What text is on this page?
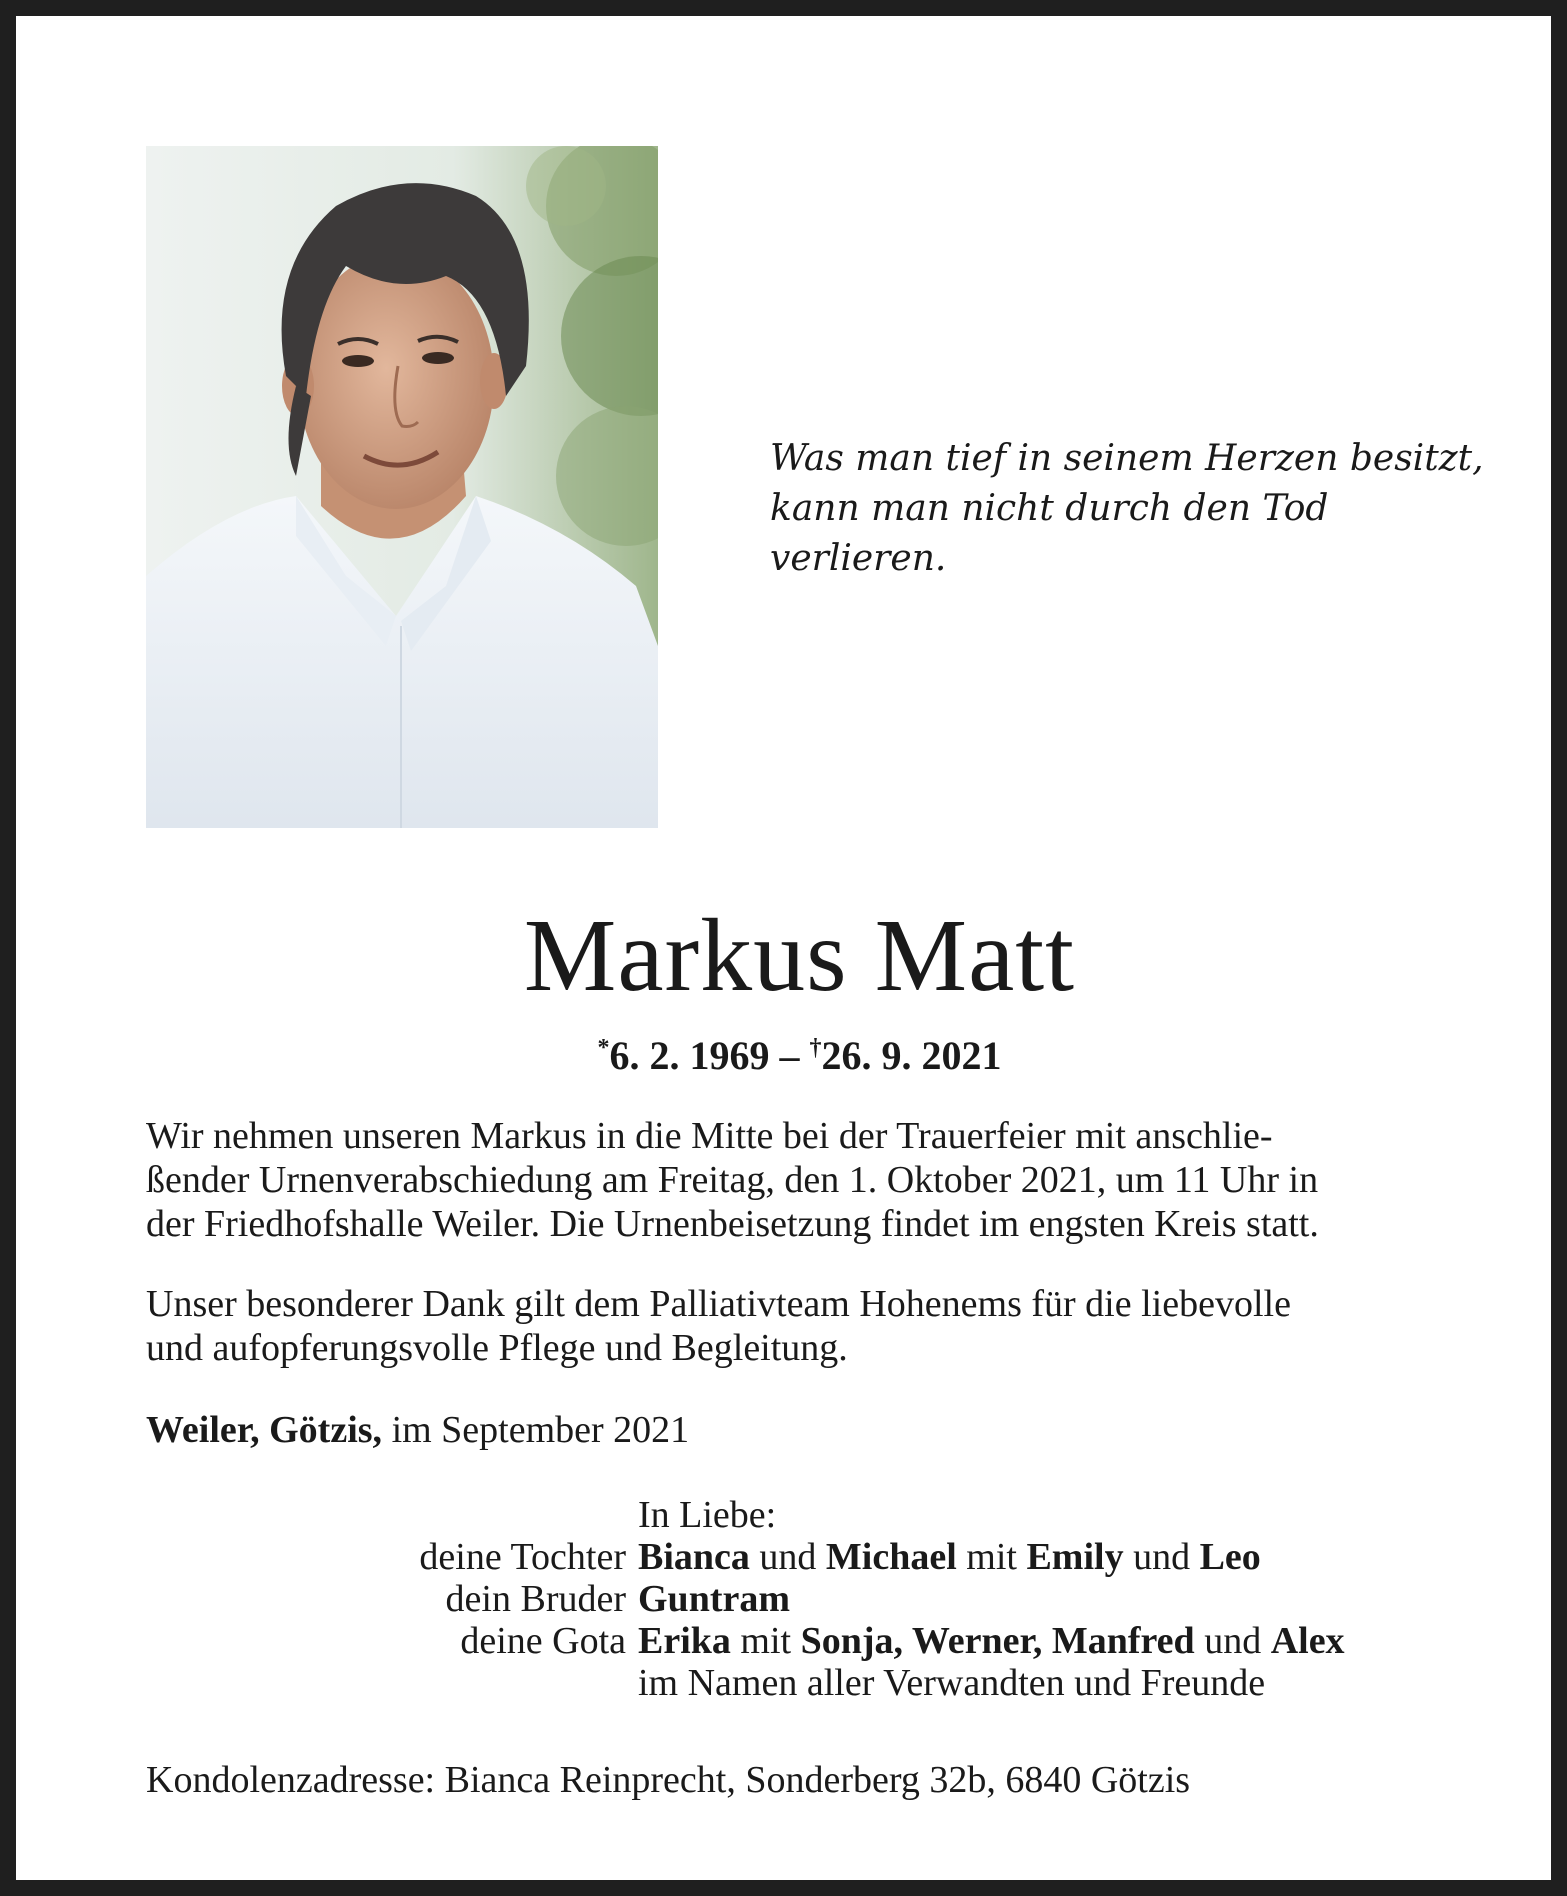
Was man tief in seinem Herzen besitzt,
kann man nicht durch den Tod verlieren.
Markus Matt
*6. 2. 1969 – †26. 9. 2021
Wir nehmen unseren Markus in die Mitte bei der Trauerfeier mit anschlie-
ßender Urnenverabschiedung am Freitag, den 1. Oktober 2021, um 11 Uhr in
der Friedhofshalle Weiler. Die Urnenbeisetzung findet im engsten Kreis statt.
Unser besonderer Dank gilt dem Palliativteam Hohenems für die liebevolle
und aufopferungsvolle Pflege und Begleitung.
Weiler, Götzis, im September 2021
In Liebe:
deine Tochter Bianca und Michael mit Emily und Leo
dein Bruder Guntram
deine Gota Erika mit Sonja, Werner, Manfred und Alex
im Namen aller Verwandten und Freunde
Kondolenzadresse: Bianca Reinprecht, Sonderberg 32b, 6840 Götzis
